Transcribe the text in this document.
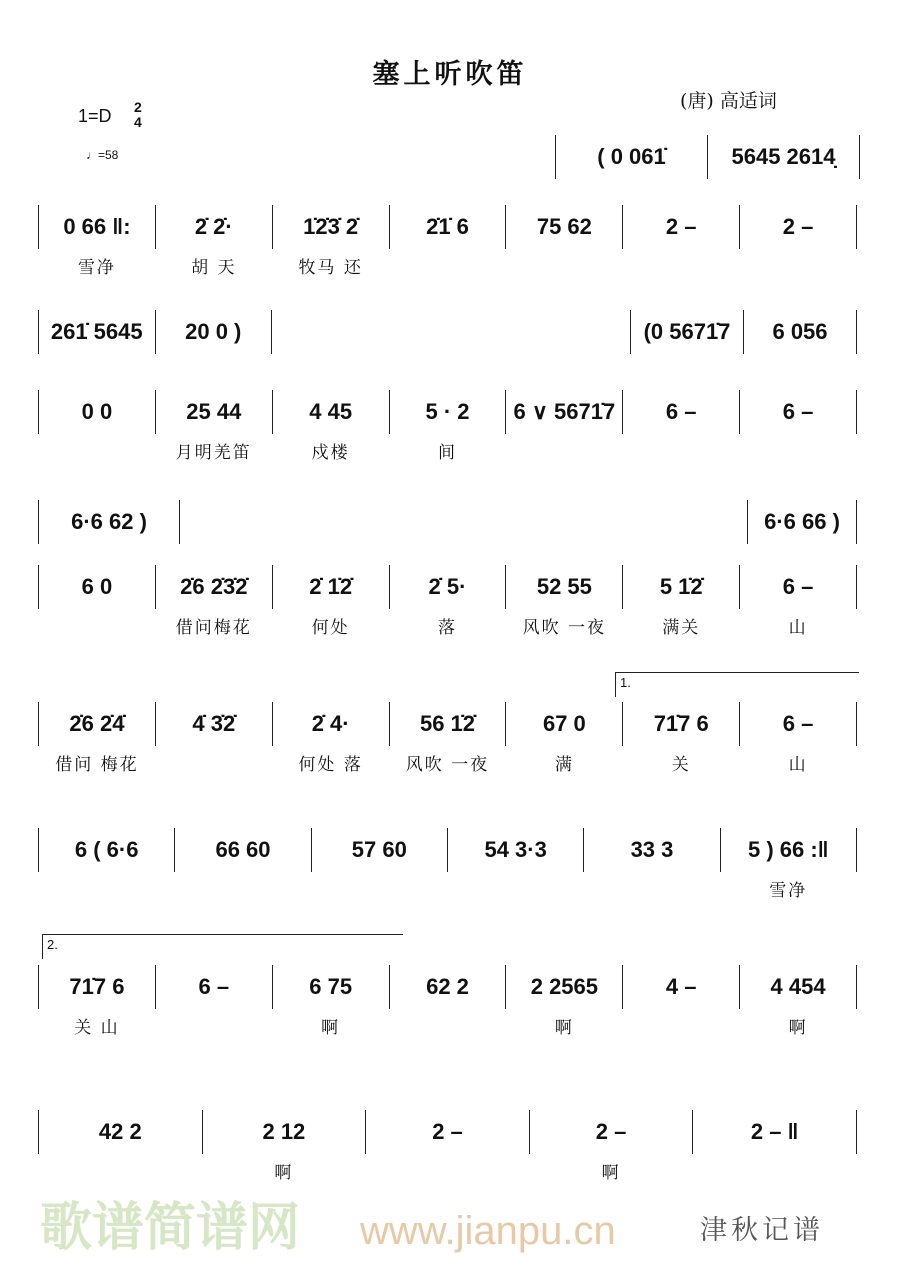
塞上听吹笛
(唐) 高适词
1=D 2
4
♩=58
1.
2.
( 0 061̇	5645 2614̣
0 66 ‖:
雪净
2̇ 2̇·
胡 天
1̇2̇3̇ 2̇
牧马 还
2̇1̇ 6	75 62	2 –	2 –
261̇ 5645 20 0 )	(0 5671̇7 6 056
0 0	25 44
月明羌笛
4 45
戍楼
5 · 2
间
6 ∨ 5671̇7 6 –	6 –
6·6 62 )	6·6 66 )
6 0	2̇6 2̇3̇2̇
借问梅花
2̇ 1̇2̇
何处
2̇ 5·
落
52 55
风吹 一夜
5 1̇2̇
满关
6 –
山
2̇6 2̇4̇
借问 梅花
4̇ 3̇2̇	2̇ 4·
何处 落
56 1̇2̇
风吹 一夜
67 0
满
71̇7 6
关
6 –
山
6 ( 6·6	66 60	57 60	54 3·3	33 3	5 ) 66 :‖
雪净
71̇7 6
关 山
6 –	6 75
啊
62 2	2 2565
啊
4 –	4 454
啊
42 2	2 12
啊
2 –	2 –
啊
2 – ‖
歌谱简谱网 www.jianpu.cn	津秋记谱
